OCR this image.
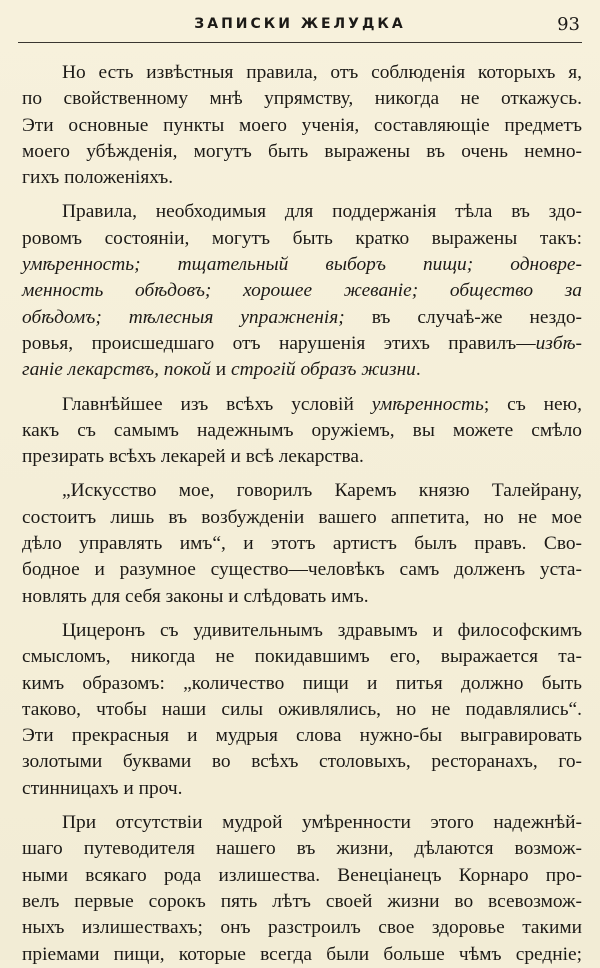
ЗАПИСКИ ЖЕЛУДКА	93

Но есть извѣстныя правила, отъ соблюденія которыхъ я,
по свойственному мнѣ упрямству, никогда не откажусь.
Эти основные пункты моего ученія, составляющіе предметъ
моего убѣжденія, могутъ быть выражены въ очень немно-
гихъ положеніяхъ.

Правила, необходимыя для поддержанія тѣла въ здо-
ровомъ состояніи, могутъ быть кратко выражены такъ:
умѣренность; тщательный выборъ пищи; одновре-
менность обѣдовъ; хорошее жеваніе; общество за
обѣдомъ; тѣлесныя упражненія; въ случаѣ-же нездо-
ровья, происшедшаго отъ нарушенія этихъ правилъ—избѣ-
ганіе лекарствъ, покой и строгій образъ жизни.

Главнѣйшее изъ всѣхъ условій умѣренность; съ нею,
какъ съ самымъ надежнымъ оружіемъ, вы можете смѣло
презирать всѣхъ лекарей и всѣ лекарства.

„Искусство мое, говорилъ Каремъ князю Талейрану,
состоитъ лишь въ возбужденіи вашего аппетита, но не мое
дѣло управлять имъ“, и этотъ артистъ былъ правъ. Сво-
бодное и разумное существо—человѣкъ самъ долженъ уста-
новлять для себя законы и слѣдовать имъ.

Цицеронъ съ удивительнымъ здравымъ и философскимъ
смысломъ, никогда не покидавшимъ его, выражается та-
кимъ образомъ: „количество пищи и питья должно быть
таково, чтобы наши силы оживлялись, но не подавлялись“.
Эти прекрасныя и мудрыя слова нужно-бы выгравировать
золотыми буквами во всѣхъ столовыхъ, ресторанахъ, го-
стинницахъ и проч.

При отсутствіи мудрой умѣренности этого надежнѣй-
шаго путеводителя нашего въ жизни, дѣлаются возмож-
ными всякаго рода излишества. Венеціанецъ Корнаро про-
велъ первые сорокъ пять лѣтъ своей жизни во всевозмож-
ныхъ излишествахъ; онъ разстроилъ свое здоровье такими
пріемами пищи, которые всегда были больше чѣмъ средніе;
